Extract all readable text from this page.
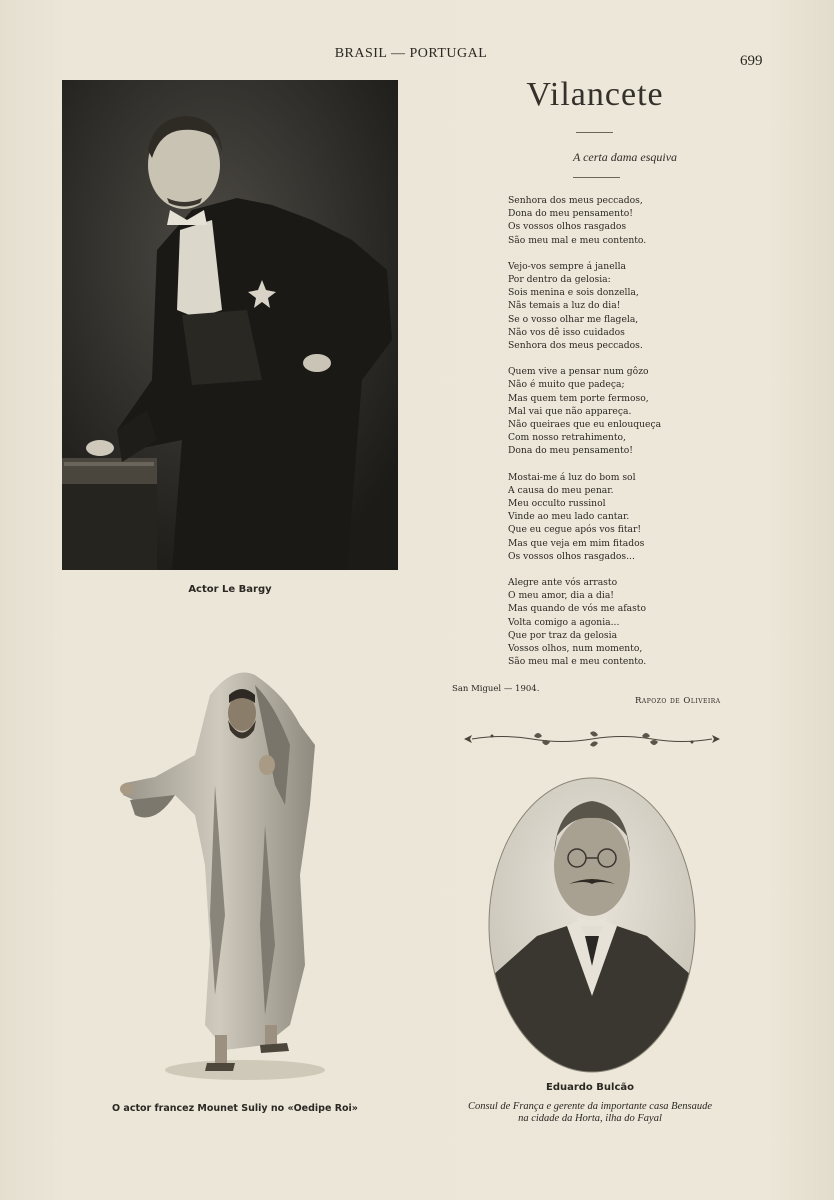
BRASIL — PORTUGAL	699
Actor Le Bargy
Vilancete
A certa dama esquiva
Senhora dos meus peccados,
Dona do meu pensamento!
Os vossos olhos rasgados
São meu mal e meu contento.
Vejo-vos sempre á janella
Por dentro da gelosia:
Sois menina e sois donzella,
Nãs temais a luz do dia!
Se o vosso olhar me flagela,
Não vos dê isso cuidados
Senhora dos meus peccados.
Quem vive a pensar num gôzo
Não é muito que padeça;
Mas quem tem porte fermoso,
Mal vai que não appareça.
Não queiraes que eu enlouqueça
Com nosso retrahimento,
Dona do meu pensamento!
Mostai-me á luz do bom sol
A causa do meu penar.
Meu occulto russinol
Vinde ao meu lado cantar.
Que eu cegue após vos fitar!
Mas que veja em mim fitados
Os vossos olhos rasgados...
Alegre ante vós arrasto
O meu amor, dia a dia!
Mas quando de vós me afasto
Volta comigo a agonia...
Que por traz da gelosia
Vossos olhos, num momento,
São meu mal e meu contento.
San Miguel — 1904.
Rapozo de Oliveira
O actor francez Mounet Suliy no «Oedipe Roi»
Eduardo Bulcão
Consul de França e gerente da importante casa Bensaude
na cidade da Horta, ilha do Fayal
